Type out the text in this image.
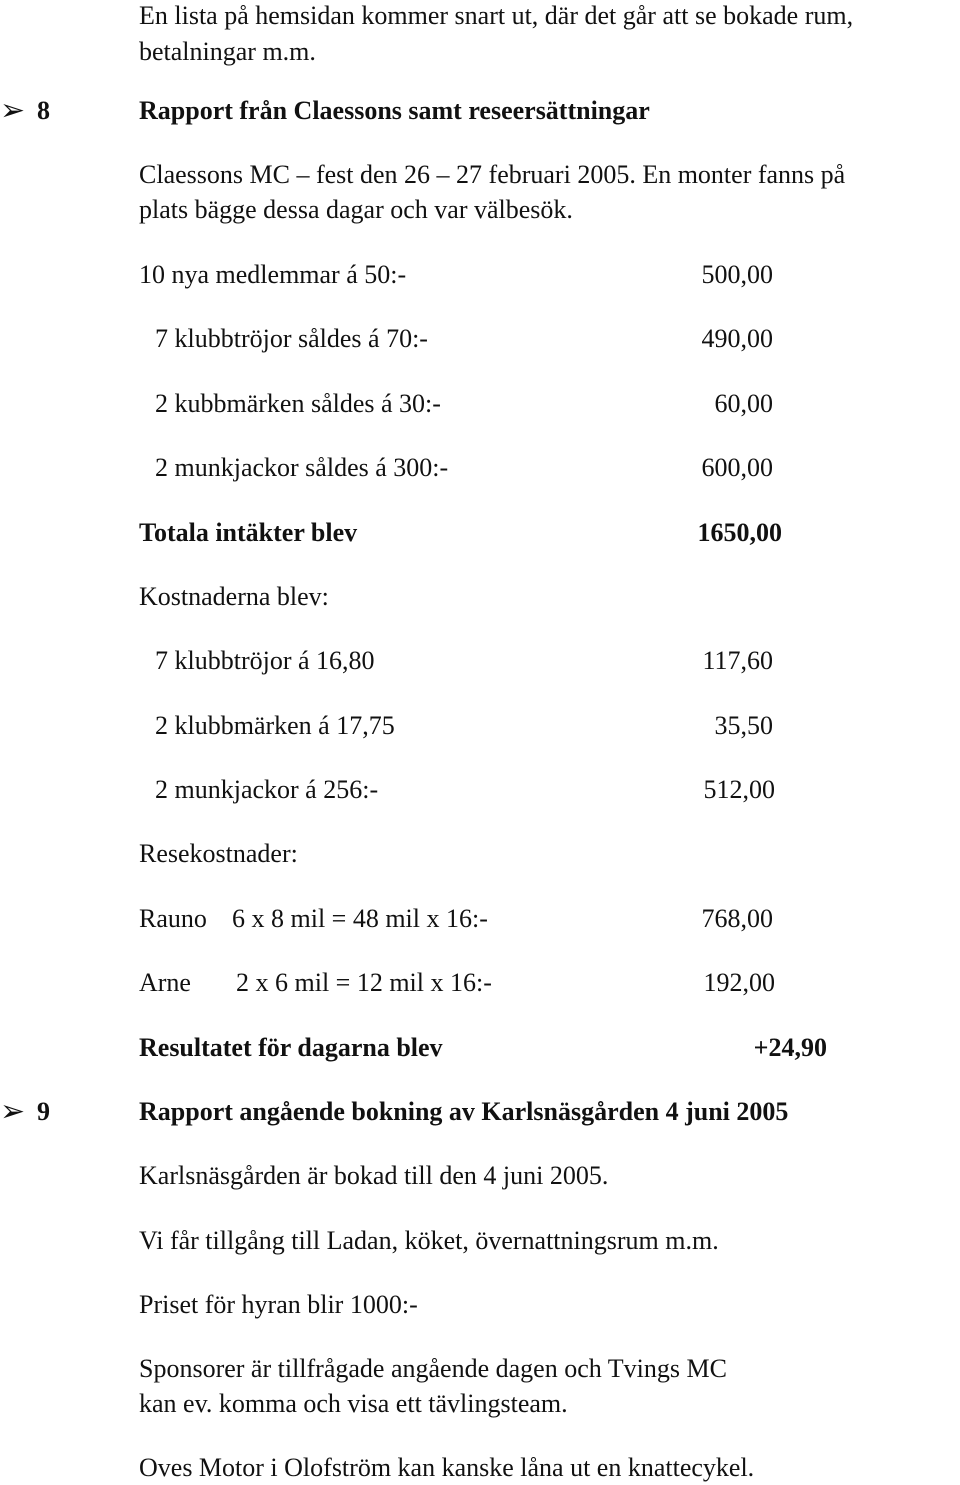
En lista på hemsidan kommer snart ut, där det går att se bokade rum,
betalningar m.m.
➢ 8	Rapport från Claessons samt reseersättningar
Claessons MC – fest den 26 – 27 februari 2005. En monter fanns på
plats bägge dessa dagar och var välbesök.
10 nya medlemmar á 50:-	500,00
7 klubbtröjor såldes á 70:-	490,00
2 kubbmärken såldes á 30:-	60,00
2 munkjackor såldes á 300:-	600,00
Totala intäkter blev	1650,00
Kostnaderna blev:
7 klubbtröjor á 16,80	117,60
2 klubbmärken á 17,75	35,50
2 munkjackor á 256:-	512,00
Resekostnader:
Rauno 6 x 8 mil = 48 mil x 16:-	768,00
Arne 2 x 6 mil = 12 mil x 16:-	192,00
Resultatet för dagarna blev	+24,90
➢ 9	Rapport angående bokning av Karlsnäsgården 4 juni 2005
Karlsnäsgården är bokad till den 4 juni 2005.
Vi får tillgång till Ladan, köket, övernattningsrum m.m.
Priset för hyran blir 1000:-
Sponsorer är tillfrågade angående dagen och Tvings MC
kan ev. komma och visa ett tävlingsteam.
Oves Motor i Olofström kan kanske låna ut en knattecykel.
